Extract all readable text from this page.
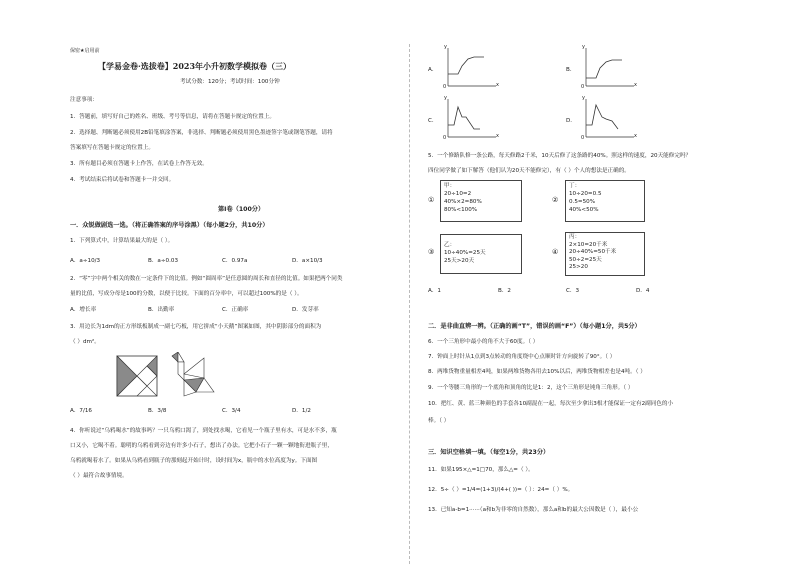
保密★启用前
【学易金卷·选拔卷】2023年小升初数学模拟卷（三）
考试分数：120分；考试时间：100分钟
注意事项：
1．答题前，填写好自己的姓名、班级、考号等信息，请将在答题卡规定的位置上。
2．选择题、判断题必须使用2B铅笔填涂答案，非选择、判断题必须使用黑色墨迹签字笔或钢笔答题，请将
答案填写在答题卡规定的位置上。
3．所有题目必须在答题卡上作答，在试卷上作答无效。
4．考试结束后将试卷和答题卡一并交回。
第Ⅰ卷（100分）
一．众锐做剧选一选。（将正确答案的序号涂黑）（每小题2分，共10分）
1．下列算式中，计算结果最大的是（ ）。
A．a÷10/3	B．a÷0.03	C．0.97a	D．a×10/3
2．“零”字中两个相关的数在一定条件下的比值。例如“圆周率”是任意圆的周长和直径的比值。如果把两个同类
量的比值，写成分母是100的分数，以便于比较。下面的百分率中，可以超过100%的是（ ）。
A．增长率	B．出勤率	C．正确率	D．发芽率
3．用边长为1dm的正方形纸板制成一副七巧板，用它拼成“小天鹅”图案如图，其中阴影部分的面积为
（ ）dm²。
A．7/16	B．3/8	C．3/4	D．1/2
4．你听说过“乌鸦喝水”的故事吗？一只乌鸦口渴了，到处找水喝，它看见一个瓶子里有水，可是水不多，瓶
口又小，它喝不着。聪明的乌鸦看到旁边有许多小石子，想出了办法。它把小石子一颗一颗地衔进瓶子里，
乌鸦就喝着水了。如果从乌鸦看到瓶子的那刻起开始计时，设时间为x，瓶中的水位高度为y。下面图
（ ）最符合故事情境。
A．
y
x
0
B．
y
x
0
C．
y
x
0
D．
y
x
0
5．一个修路队修一条公路，每天修路2千米，10天后修了这条路的40%。照这样的速度，20天能修完吗？
四位同学做了如下解答（他们认为20天不能修完），有（ ）个人的想法是正确的。
①
甲：
20÷10=2
40%×2=80%
80%<100%
②
丁：
10÷20=0.5
0.5=50%
40%<50%
③
乙：
10÷40%=25天
25天>20天
④
丙：
2×10=20千米
20÷40%=50千米
50÷2=25天
25>20
A．1	B．2	C．3	D．4
二．是非曲直辨一辨。（正确的画“T”，错误的画“F”）（每小题1分，共5分）
6．一个三角形中最小的角不大于60度。（ ）
7．钟面上时针从1点到3点转动的角度绕中心点顺时针方向旋转了90°。（ ）
8．两堆货物重量相差4吨，如果两堆货物各用去10%以后，两堆货物相差也是4吨。（ ）
9．一个等腰三角形的一个底角和顶角的比是1：2，这个三角形是钝角三角形。（ ）
10．把红、黄、蓝三种颜色的手套各10副混在一起，每次至少拿出3根才能保证一定有2副同色的小
棒。（ ）
三．知识空格填一填。（每空1分，共23分）
11．如果195×△=1□70，那么△=（ ）。
12．5÷（ ）=1/4=(1+3)/(4+( ))=（ ）：24=（ ）%。
13．已知a-b=1······（a和b为非零的自然数），那么a和b的最大公因数是（ ），最小公
